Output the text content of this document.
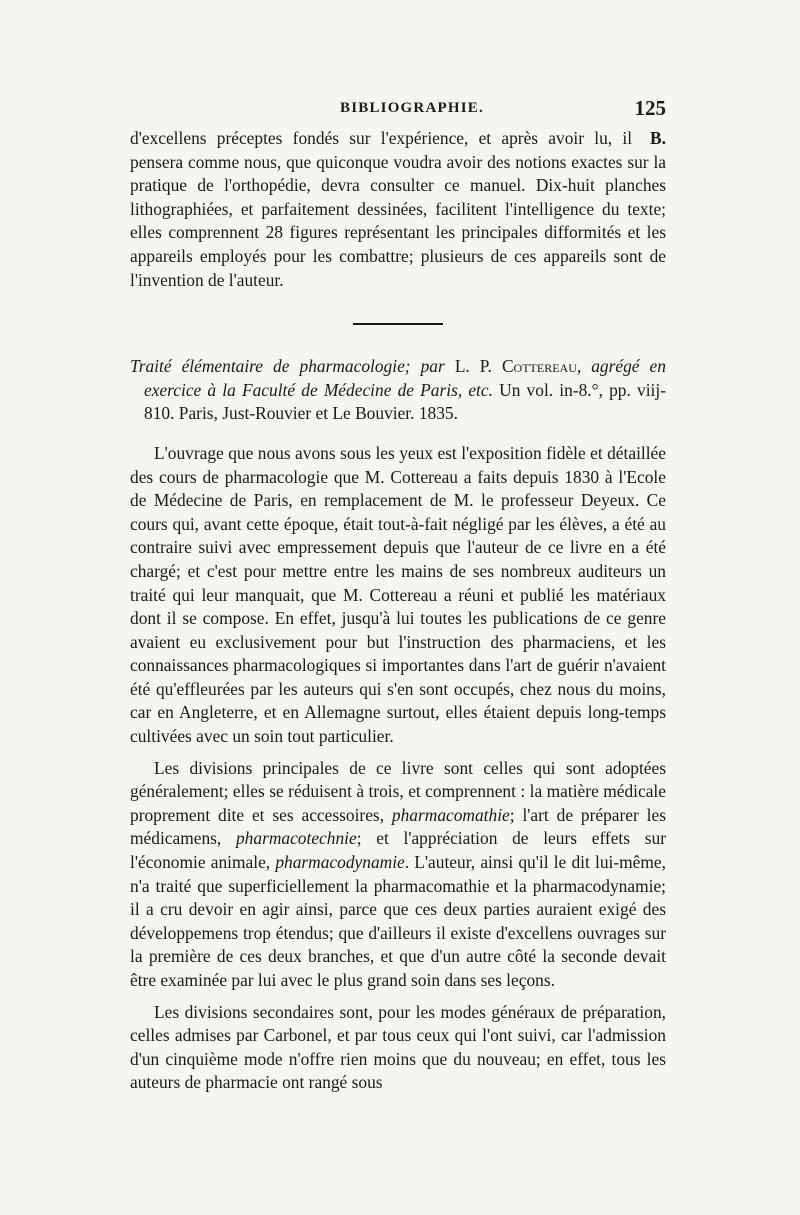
BIBLIOGRAPHIE.	125

B.
d'excellens préceptes fondés sur l'expérience, et après avoir lu, il pensera comme nous, que quiconque voudra avoir des notions exactes sur la pratique de l'orthopédie, devra consulter ce manuel. Dix-huit planches lithographiées, et parfaitement dessinées, facilitent l'intelligence du texte; elles comprennent 28 figures représentant les principales difformités et les appareils employés pour les combattre; plusieurs de ces appareils sont de l'invention de l'auteur.

Traité élémentaire de pharmacologie; par L. P. Cottereau, agrégé en exercice à la Faculté de Médecine de Paris, etc. Un vol. in-8.°, pp. viij-810. Paris, Just-Rouvier et Le Bouvier. 1835.

L'ouvrage que nous avons sous les yeux est l'exposition fidèle et détaillée des cours de pharmacologie que M. Cottereau a faits depuis 1830 à l'Ecole de Médecine de Paris, en remplacement de M. le professeur Deyeux. Ce cours qui, avant cette époque, était tout-à-fait négligé par les élèves, a été au contraire suivi avec empressement depuis que l'auteur de ce livre en a été chargé; et c'est pour mettre entre les mains de ses nombreux auditeurs un traité qui leur manquait, que M. Cottereau a réuni et publié les matériaux dont il se compose. En effet, jusqu'à lui toutes les publications de ce genre avaient eu exclusivement pour but l'instruction des pharmaciens, et les connaissances pharmacologiques si importantes dans l'art de guérir n'avaient été qu'effleurées par les auteurs qui s'en sont occupés, chez nous du moins, car en Angleterre, et en Allemagne surtout, elles étaient depuis long-temps cultivées avec un soin tout particulier.

Les divisions principales de ce livre sont celles qui sont adoptées généralement; elles se réduisent à trois, et comprennent : la matière médicale proprement dite et ses accessoires, pharmacomathie; l'art de préparer les médicamens, pharmacotechnie; et l'appréciation de leurs effets sur l'économie animale, pharmacodynamie. L'auteur, ainsi qu'il le dit lui-même, n'a traité que superficiellement la pharmacomathie et la pharmacodynamie; il a cru devoir en agir ainsi, parce que ces deux parties auraient exigé des développemens trop étendus; que d'ailleurs il existe d'excellens ouvrages sur la première de ces deux branches, et que d'un autre côté la seconde devait être examinée par lui avec le plus grand soin dans ses leçons.

Les divisions secondaires sont, pour les modes généraux de préparation, celles admises par Carbonel, et par tous ceux qui l'ont suivi, car l'admission d'un cinquième mode n'offre rien moins que du nouveau; en effet, tous les auteurs de pharmacie ont rangé sous
